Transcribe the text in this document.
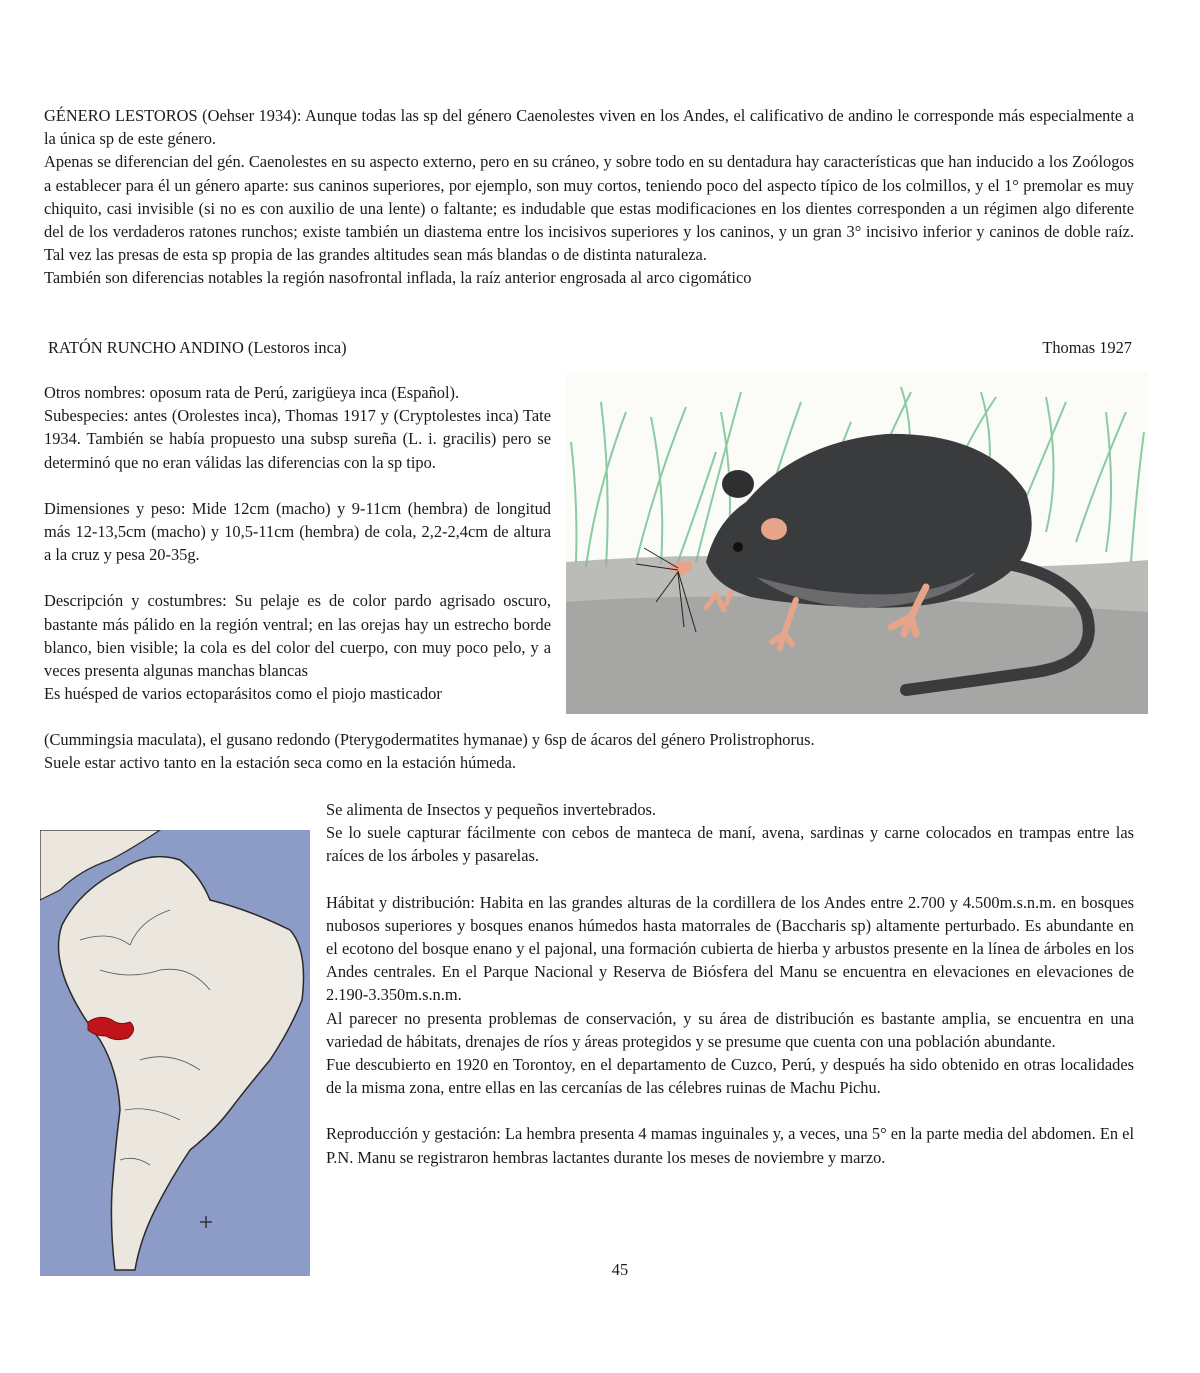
GÉNERO LESTOROS (Oehser 1934): Aunque todas las sp del género Caenolestes viven en los Andes, el calificativo de andino le corresponde más especialmente a la única sp de este género.

Apenas se diferencian del gén. Caenolestes en su aspecto externo, pero en su cráneo, y sobre todo en su dentadura hay características que han inducido a los Zoólogos a establecer para él un género aparte: sus caninos superiores, por ejemplo, son muy cortos, teniendo poco del aspecto típico de los colmillos, y el 1° premolar es muy chiquito, casi invisible (si no es con auxilio de una lente) o faltante; es indudable que estas modificaciones en los dientes corresponden a un régimen algo diferente del de los verdaderos ratones runchos; existe también un diastema entre los incisivos superiores y los caninos, y un gran 3° incisivo inferior y caninos de doble raíz. Tal vez las presas de esta sp propia de las grandes altitudes sean más blandas o de distinta naturaleza.

También son diferencias notables la región nasofrontal inflada, la raíz anterior engrosada al arco cigomático

RATÓN RUNCHO ANDINO (Lestoros inca)	Thomas 1927

Otros nombres: oposum rata de Perú, zarigüeya inca (Español).

Subespecies: antes (Orolestes inca), Thomas 1917 y (Cryptolestes inca) Tate 1934. También se había propuesto una subsp sureña (L. i. gracilis) pero se determinó que no eran válidas las diferencias con la sp tipo.

Dimensiones y peso: Mide 12cm (macho) y 9-11cm (hembra) de longitud más 12-13,5cm (macho) y 10,5-11cm (hembra) de cola, 2,2-2,4cm de altura a la cruz y pesa 20-35g.

Descripción y costumbres: Su pelaje es de color pardo agrisado oscuro, bastante más pálido en la región ventral; en las orejas hay un estrecho borde blanco, bien visible; la cola es del color del cuerpo, con muy poco pelo, y a veces presenta algunas manchas blancas

Es huésped de varios ectoparásitos como el piojo masticador

(Cummingsia maculata), el gusano redondo (Pterygodermatites hymanae) y 6sp de ácaros del género Prolistrophorus.

Suele estar activo tanto en la estación seca como en la estación húmeda.

Se alimenta de Insectos y pequeños invertebrados.

Se lo suele capturar fácilmente con cebos de manteca de maní, avena, sardinas y carne colocados en trampas entre las raíces de los árboles y pasarelas.

Hábitat y distribución: Habita en las grandes alturas de la cordillera de los Andes entre 2.700 y 4.500m.s.n.m. en bosques nubosos superiores y bosques enanos húmedos hasta matorrales de (Baccharis sp) altamente perturbado. Es abundante en el ecotono del bosque enano y el pajonal, una formación cubierta de hierba y arbustos presente en la línea de árboles en los Andes centrales. En el Parque Nacional y Reserva de Biósfera del Manu se encuentra en elevaciones en elevaciones de 2.190-3.350m.s.n.m.

Al parecer no presenta problemas de conservación, y su área de distribución es bastante amplia, se encuentra en una variedad de hábitats, drenajes de ríos y áreas protegidos y se presume que cuenta con una población abundante.

Fue descubierto en 1920 en Torontoy, en el departamento de Cuzco, Perú, y después ha sido obtenido en otras localidades de la misma zona, entre ellas en las cercanías de las célebres ruinas de Machu Pichu.

Reproducción y gestación: La hembra presenta 4 mamas inguinales y, a veces, una 5° en la parte media del abdomen. En el P.N. Manu se registraron hembras lactantes durante los meses de noviembre y marzo.

45
